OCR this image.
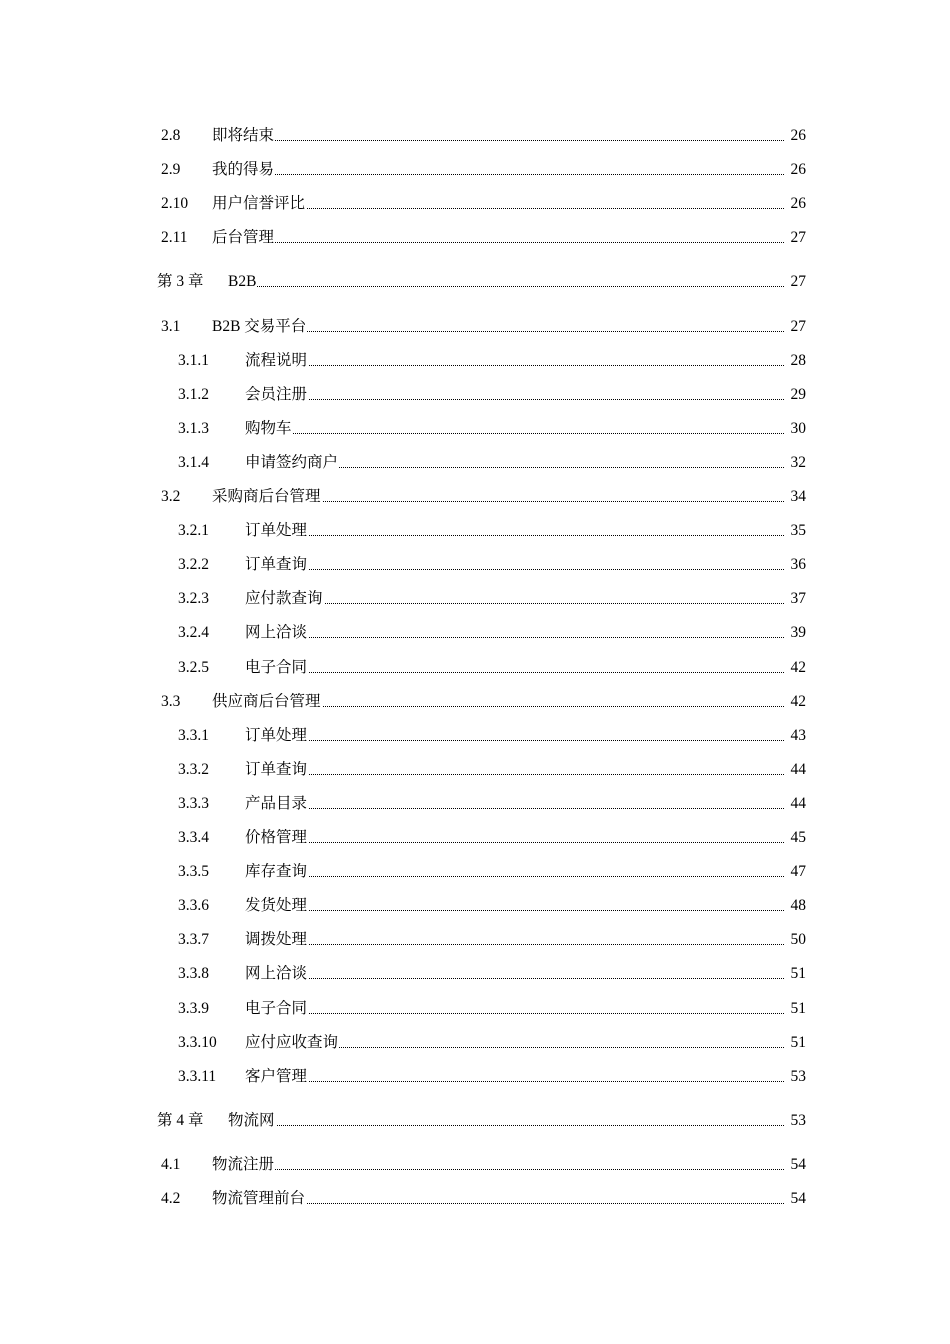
2.8 即将结束	26
2.9 我的得易	26
2.10 用户信誉评比	26
2.11 后台管理	27
第 3 章 B2B	27
3.1 B2B 交易平台	27
3.1.1 流程说明	28
3.1.2 会员注册	29
3.1.3 购物车	30
3.1.4 申请签约商户	32
3.2 采购商后台管理	34
3.2.1 订单处理	35
3.2.2 订单查询	36
3.2.3 应付款查询	37
3.2.4 网上洽谈	39
3.2.5 电子合同	42
3.3 供应商后台管理	42
3.3.1 订单处理	43
3.3.2 订单查询	44
3.3.3 产品目录	44
3.3.4 价格管理	45
3.3.5 库存查询	47
3.3.6 发货处理	48
3.3.7 调拨处理	50
3.3.8 网上洽谈	51
3.3.9 电子合同	51
3.3.10 应付应收查询	51
3.3.11 客户管理	53
第 4 章 物流网	53
4.1 物流注册	54
4.2 物流管理前台	54
